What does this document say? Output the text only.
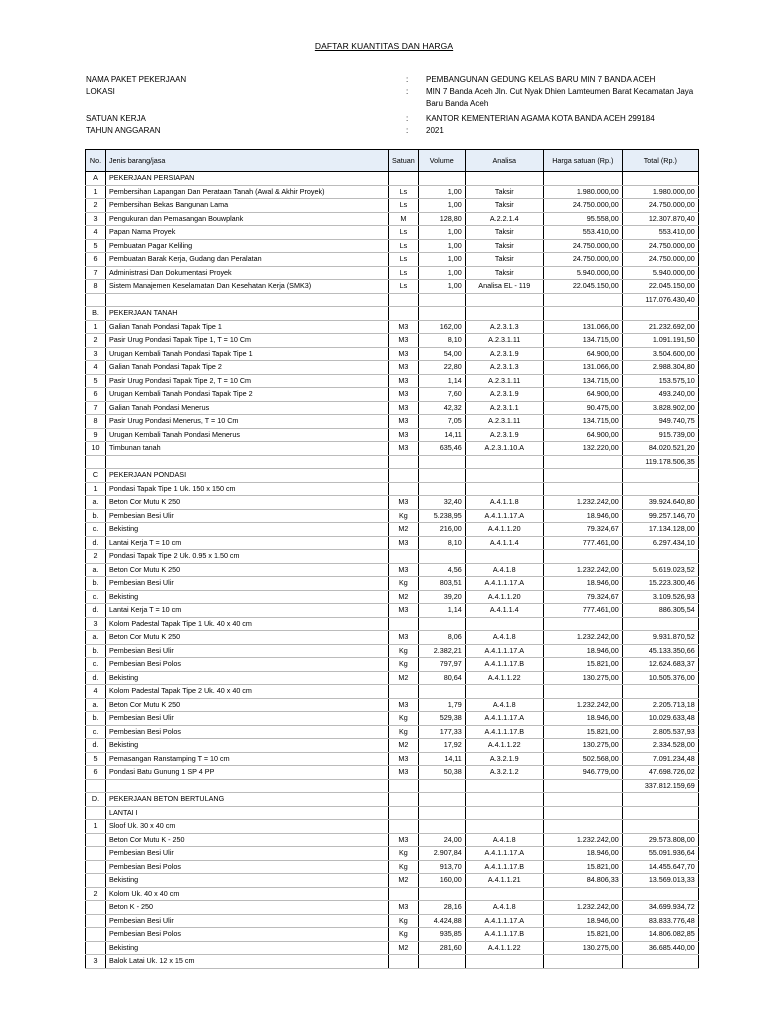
DAFTAR KUANTITAS DAN HARGA
NAMA PAKET PEKERJAAN	: PEMBANGUNAN GEDUNG KELAS BARU MIN 7 BANDA ACEH
LOKASI	: MIN 7 Banda Aceh Jln. Cut Nyak Dhien Lamteumen Barat Kecamatan Jaya
Baru Banda Aceh
SATUAN KERJA	: KANTOR KEMENTERIAN AGAMA KOTA BANDA ACEH 299184
TAHUN ANGGARAN	: 2021
No.	Jenis barang/jasa	Satuan	Volume	Analisa	Harga satuan (Rp.)	Total (Rp.)
A	PEKERJAAN PERSIAPAN					
1	Pembersihan Lapangan Dan Perataan Tanah (Awal & Akhir Proyek)	Ls	1,00	Taksir	1.980.000,00	1.980.000,00
2	Pembersihan Bekas Bangunan Lama	Ls	1,00	Taksir	24.750.000,00	24.750.000,00
3	Pengukuran dan Pemasangan Bouwplank	M	128,80	A.2.2.1.4	95.558,00	12.307.870,40
4	Papan Nama Proyek	Ls	1,00	Taksir	553.410,00	553.410,00
5	Pembuatan Pagar Keliling	Ls	1,00	Taksir	24.750.000,00	24.750.000,00
6	Pembuatan Barak Kerja, Gudang dan Peralatan	Ls	1,00	Taksir	24.750.000,00	24.750.000,00
7	Administrasi Dan Dokumentasi Proyek	Ls	1,00	Taksir	5.940.000,00	5.940.000,00
8	Sistem Manajemen Keselamatan Dan Kesehatan Kerja (SMK3)	Ls	1,00	Analisa EL - 119	22.045.150,00	22.045.150,00
						117.076.430,40
B.	PEKERJAAN TANAH					
1	Galian Tanah Pondasi Tapak Tipe 1	M3	162,00	A.2.3.1.3	131.066,00	21.232.692,00
2	Pasir Urug Pondasi Tapak Tipe 1, T = 10 Cm	M3	8,10	A.2.3.1.11	134.715,00	1.091.191,50
3	Urugan Kembali Tanah Pondasi Tapak Tipe 1	M3	54,00	A.2.3.1.9	64.900,00	3.504.600,00
4	Galian Tanah Pondasi Tapak Tipe 2	M3	22,80	A.2.3.1.3	131.066,00	2.988.304,80
5	Pasir Urug Pondasi Tapak Tipe 2, T = 10 Cm	M3	1,14	A.2.3.1.11	134.715,00	153.575,10
6	Urugan Kembali Tanah Pondasi Tapak Tipe 2	M3	7,60	A.2.3.1.9	64.900,00	493.240,00
7	Galian Tanah Pondasi Menerus	M3	42,32	A.2.3.1.1	90.475,00	3.828.902,00
8	Pasir Urug Pondasi Menerus, T = 10 Cm	M3	7,05	A.2.3.1.11	134.715,00	949.740,75
9	Urugan Kembali Tanah Pondasi Menerus	M3	14,11	A.2.3.1.9	64.900,00	915.739,00
10	Timbunan tanah	M3	635,46	A.2.3.1.10.A	132.220,00	84.020.521,20
						119.178.506,35
C	PEKERJAAN PONDASI					
1	Pondasi Tapak Tipe 1 Uk. 150 x 150 cm					
a.	Beton Cor Mutu K 250	M3	32,40	A.4.1.1.8	1.232.242,00	39.924.640,80
b.	Pembesian Besi Ulir	Kg	5.238,95	A.4.1.1.17.A	18.946,00	99.257.146,70
c.	Bekisting	M2	216,00	A.4.1.1.20	79.324,67	17.134.128,00
d.	Lantai Kerja T = 10 cm	M3	8,10	A.4.1.1.4	777.461,00	6.297.434,10
2	Pondasi Tapak Tipe 2 Uk. 0.95 x 1.50 cm					
a.	Beton Cor Mutu K 250	M3	4,56	A.4.1.8	1.232.242,00	5.619.023,52
b.	Pembesian Besi Ulir	Kg	803,51	A.4.1.1.17.A	18.946,00	15.223.300,46
c.	Bekisting	M2	39,20	A.4.1.1.20	79.324,67	3.109.526,93
d.	Lantai Kerja T = 10 cm	M3	1,14	A.4.1.1.4	777.461,00	886.305,54
3	Kolom Padestal Tapak Tipe 1 Uk. 40 x 40 cm					
a.	Beton Cor Mutu K 250	M3	8,06	A.4.1.8	1.232.242,00	9.931.870,52
b.	Pembesian Besi Ulir	Kg	2.382,21	A.4.1.1.17.A	18.946,00	45.133.350,66
c.	Pembesian Besi Polos	Kg	797,97	A.4.1.1.17.B	15.821,00	12.624.683,37
d.	Bekisting	M2	80,64	A.4.1.1.22	130.275,00	10.505.376,00
4	Kolom Padestal Tapak Tipe 2 Uk. 40 x 40 cm					
a.	Beton Cor Mutu K 250	M3	1,79	A.4.1.8	1.232.242,00	2.205.713,18
b.	Pembesian Besi Ulir	Kg	529,38	A.4.1.1.17.A	18.946,00	10.029.633,48
c.	Pembesian Besi Polos	Kg	177,33	A.4.1.1.17.B	15.821,00	2.805.537,93
d.	Bekisting	M2	17,92	A.4.1.1.22	130.275,00	2.334.528,00
5	Pemasangan Ranstamping T = 10 cm	M3	14,11	A.3.2.1.9	502.568,00	7.091.234,48
6	Pondasi Batu Gunung 1 SP 4 PP	M3	50,38	A.3.2.1.2	946.779,00	47.698.726,02
						337.812.159,69
D.	PEKERJAAN BETON BERTULANG					
	LANTAI I					
1	Sloof Uk. 30 x 40 cm					
	Beton Cor Mutu K - 250	M3	24,00	A.4.1.8	1.232.242,00	29.573.808,00
	Pembesian Besi Ulir	Kg	2.907,84	A.4.1.1.17.A	18.946,00	55.091.936,64
	Pembesian Besi Polos	Kg	913,70	A.4.1.1.17.B	15.821,00	14.455.647,70
	Bekisting	M2	160,00	A.4.1.1.21	84.806,33	13.569.013,33
2	Kolom Uk. 40 x 40 cm					
	Beton K - 250	M3	28,16	A.4.1.8	1.232.242,00	34.699.934,72
	Pembesian Besi Ulir	Kg	4.424,88	A.4.1.1.17.A	18.946,00	83.833.776,48
	Pembesian Besi Polos	Kg	935,85	A.4.1.1.17.B	15.821,00	14.806.082,85
	Bekisting	M2	281,60	A.4.1.1.22	130.275,00	36.685.440,00
3	Balok Latai Uk. 12 x 15 cm					
